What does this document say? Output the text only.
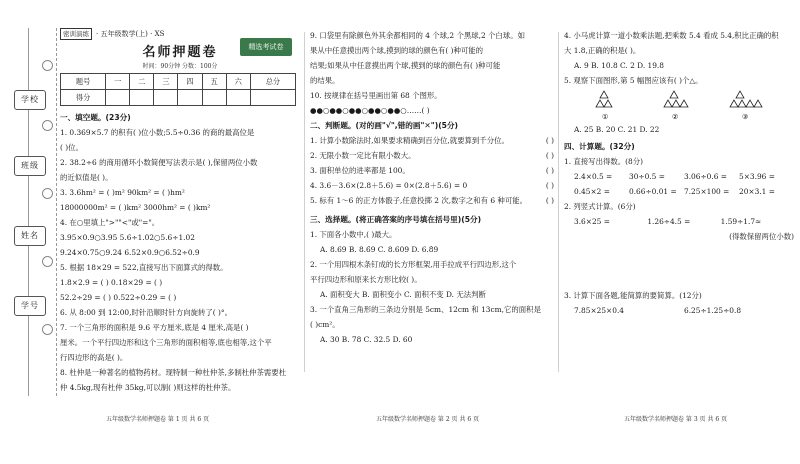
学校
班级
姓名
学号
密训演练	· 五年级数学(上) · XS
精选考试卷
名师押题卷
时间：90分钟 分数：100分
题号	一	二	三	四	五	六	总分
得分							
一、填空题。(23分)
1. 0.369×5.7 的积有( )位小数;5.5÷0.36 的商的最高位是
( )位。
2. 38.2÷6 的商用循环小数简便写法表示是( ),保留两位小数
的近似值是( )。
3. 3.6hm² = ( )m² 90km² = ( )hm²
18000000m² = ( )km² 3000hm² = ( )km²
4. 在○里填上">""<"或"="。
3.95×0.9○3.95 5.6÷1.02○5.6÷1.02
9.24×0.75○9.24 6.52×0.9○6.52÷0.9
5. 根据 18×29 = 522,直接写出下面算式的得数。
1.8×2.9 = ( ) 0.18×29 = ( )
52.2÷29 = ( ) 0.522÷0.29 = ( )
6. 从 8:00 到 12:00,时针沿顺时针方向旋转了( )°。
7. 一个三角形的面积是 9.6 平方厘米,底是 4 厘米,高是( )
厘米。一个平行四边形和这个三角形的面积相等,底也相等,这个平
行四边形的高是( )。
8. 杜仲是一种著名的植物药材。现特制一种杜仲茶,多制杜仲茶需要杜
仲 4.5kg,现有杜仲 35kg,可以制( )则这样的杜仲茶。
9. 口袋里有除颜色外其余都相同的 4 个球,2 个黑球,2 个白球。如
果从中任意摸出两个球,摸到的球的颜色有( )种可能的
结果;如果从中任意摸出两个球,摸到的球的颜色有( )种可能
的结果。
10. 按规律在括号里画出第 68 个图形。
●●○●●○●●○●●○●●○……( )
二、判断题。(对的画"√",错的画"✕")(5分)
1. 计算小数除法时,如果要求精确到百分位,就要算到千分位。	( )
2. 无限小数一定比有限小数大。	( )
3. 面积单位的进率都是 100。	( )
4. 3.6－3.6×(2.8＋5.6) = 0×(2.8＋5.6) = 0	( )
5. 标有 1～6 的正方体骰子,任意投掷 2 次,数字之和有 6 种可能。	( )
三、选择题。(将正确答案的序号填在括号里)(5分)
1. 下面各小数中,( )最大。
A. 8.69 B. 8.6̇9 C. 8.609 D. 6.8̇9
2. 一个用四根木条钉成的长方形框架,用手拉成平行四边形,这个
平行四边形和原来长方形比较( )。
A. 面积变大 B. 面积变小 C. 面积不变 D. 无法判断
3. 一个直角三角形的三条边分别是 5cm、12cm 和 13cm,它的面积是
( )cm²。
A. 30 B. 78 C. 32.5 D. 60
4. 小马虎计算一道小数乘法题,把乘数 5.4 看成 5.4,积比正确的积
大 1.8,正确的积是( )。
A. 9 B. 10.8 C. 2 D. 19.8
5. 观察下面图形,第 5 幅图应该有( )个△。
①	②	③
A. 25 B. 20 C. 21 D. 22
四、计算题。(32分)
1. 直接写出得数。(8分)
2.4×0.5 =	30÷0.5 =	3.06÷0.6 =	5×3.96 =
0.45×2 =	0.66÷0.01 = 7.25×100 =	20×3.1 =
2. 列竖式计算。(6分)
3.6×25 =	1.26÷4.5 =	1.59÷1.7≈
(得数保留两位小数)
3. 计算下面各题,能简算的要简算。(12分)
7.85×25×0.4	6.25÷1.25÷0.8
五年级数学名师押题卷 第 1 页 共 6 页	五年级数学名师押题卷 第 2 页 共 6 页	五年级数学名师押题卷 第 3 页 共 6 页
